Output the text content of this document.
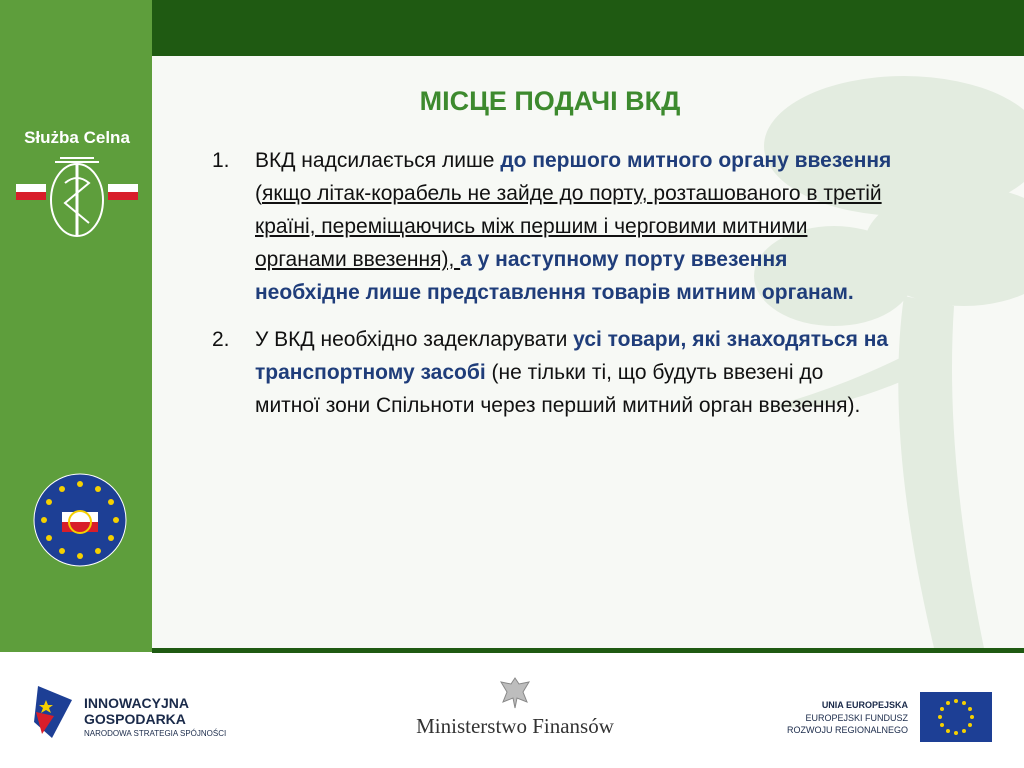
Służba Celna
МІСЦЕ ПОДАЧІ ВКД
1. ВКД надсилається лише до першого митного органу ввезення (якщо літак-корабель не зайде до порту, розташованого в третій країні, переміщаючись між першим і черговими митними органами ввезення), а у наступному порту ввезення необхідне лише представлення товарів митним органам.
2. У ВКД необхідно задекларувати усі товари, які знаходяться на транспортному засобі (не тільки ті, що будуть ввезені до митної зони Спільноти через перший митний орган ввезення).
INNOWACYJNA
GOSPODARKA
NARODOWA STRATEGIA SPÓJNOŚCI	Ministerstwo Finansów
UNIA EUROPEJSKA
EUROPEJSKI FUNDUSZ
ROZWOJU REGIONALNEGO
